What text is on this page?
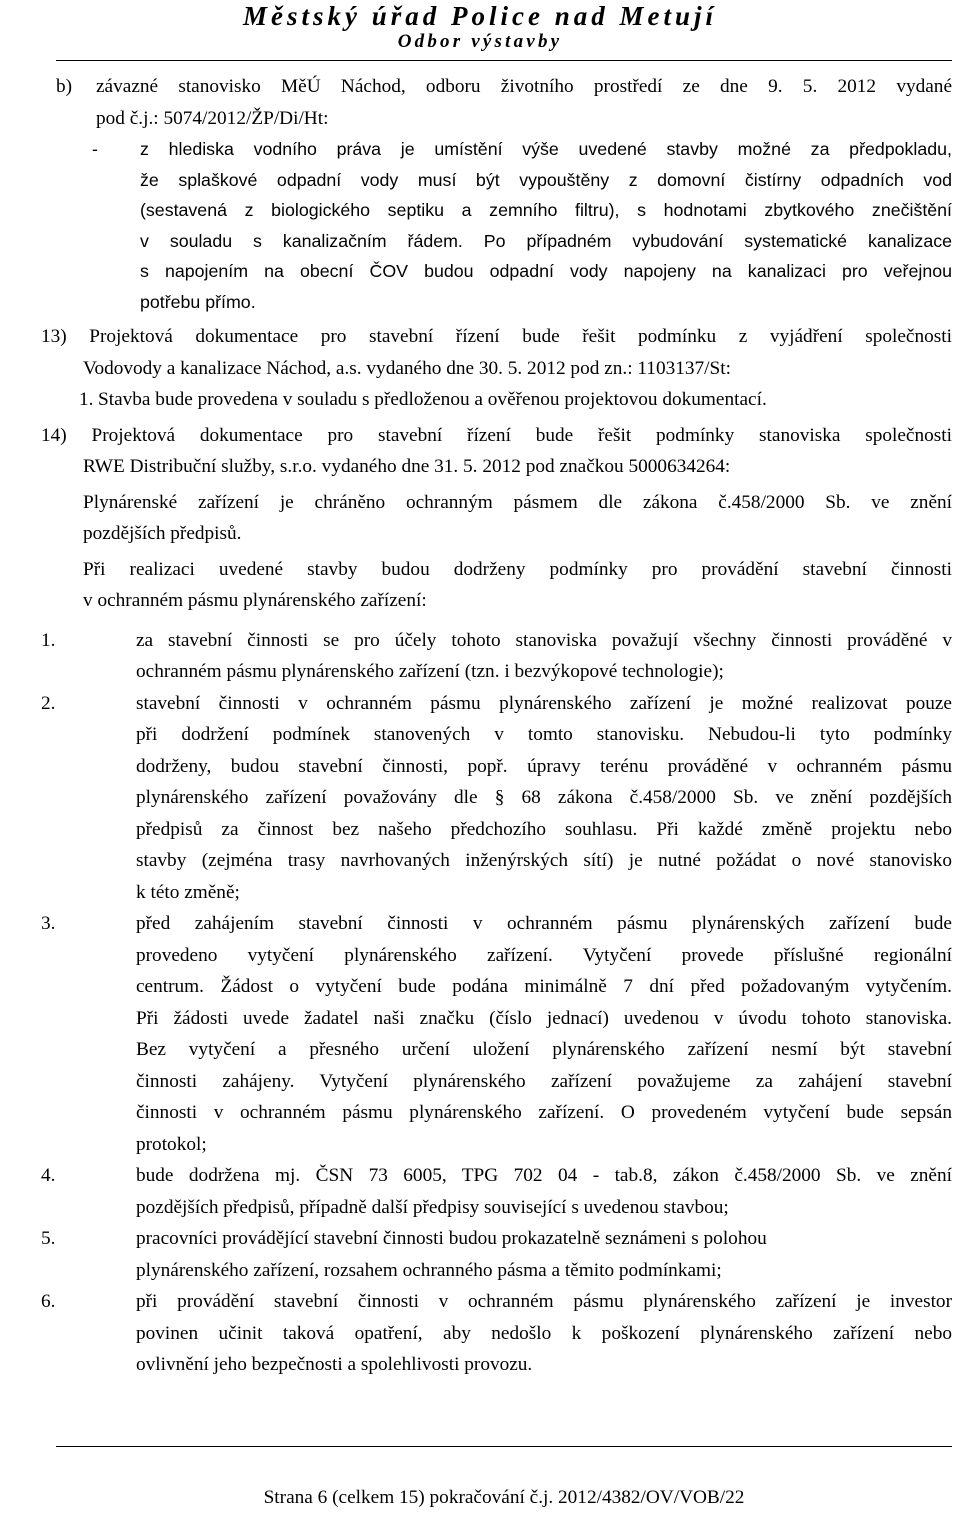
Městský úřad Police nad Metují
Odbor výstavby
b) závazné stanovisko MěÚ Náchod, odboru životního prostředí ze dne 9. 5. 2012 vydané
pod č.j.: 5074/2012/ŽP/Di/Ht:
- z hlediska vodního práva je umístění výše uvedené stavby možné za předpokladu,
že splaškové odpadní vody musí být vypouštěny z domovní čistírny odpadních vod
(sestavená z biologického septiku a zemního filtru), s hodnotami zbytkového znečištění
v souladu s kanalizačním řádem. Po případném vybudování systematické kanalizace
s napojením na obecní ČOV budou odpadní vody napojeny na kanalizaci pro veřejnou
potřebu přímo.
13) Projektová dokumentace pro stavební řízení bude řešit podmínku z vyjádření společnosti
Vodovody a kanalizace Náchod, a.s. vydaného dne 30. 5. 2012 pod zn.: 1103137/St:
1. Stavba bude provedena v souladu s předloženou a ověřenou projektovou dokumentací.
14) Projektová dokumentace pro stavební řízení bude řešit podmínky stanoviska společnosti
RWE Distribuční služby, s.r.o. vydaného dne 31. 5. 2012 pod značkou 5000634264:
Plynárenské zařízení je chráněno ochranným pásmem dle zákona č.458/2000 Sb. ve znění
pozdějších předpisů.
Při realizaci uvedené stavby budou dodrženy podmínky pro provádění stavební činnosti
v ochranném pásmu plynárenského zařízení:
1.	za stavební činnosti se pro účely tohoto stanoviska považují všechny činnosti prováděné v
ochranném pásmu plynárenského zařízení (tzn. i bezvýkopové technologie);
2.	stavební činnosti v ochranném pásmu plynárenského zařízení je možné realizovat pouze
při dodržení podmínek stanovených v tomto stanovisku. Nebudou-li tyto podmínky
dodrženy, budou stavební činnosti, popř. úpravy terénu prováděné v ochranném pásmu
plynárenského zařízení považovány dle § 68 zákona č.458/2000 Sb. ve znění pozdějších
předpisů za činnost bez našeho předchozího souhlasu. Při každé změně projektu nebo
stavby (zejména trasy navrhovaných inženýrských sítí) je nutné požádat o nové stanovisko
k této změně;
3.	před zahájením stavební činnosti v ochranném pásmu plynárenských zařízení bude
provedeno vytyčení plynárenského zařízení. Vytyčení provede příslušné regionální
centrum. Žádost o vytyčení bude podána minimálně 7 dní před požadovaným vytyčením.
Při žádosti uvede žadatel naši značku (číslo jednací) uvedenou v úvodu tohoto stanoviska.
Bez vytyčení a přesného určení uložení plynárenského zařízení nesmí být stavební
činnosti zahájeny. Vytyčení plynárenského zařízení považujeme za zahájení stavební
činnosti v ochranném pásmu plynárenského zařízení. O provedeném vytyčení bude sepsán
protokol;
4.	bude dodržena mj. ČSN 73 6005, TPG 702 04 - tab.8, zákon č.458/2000 Sb. ve znění
pozdějších předpisů, případně další předpisy související s uvedenou stavbou;
5.	pracovníci provádějící stavební činnosti budou prokazatelně seznámeni s polohou
plynárenského zařízení, rozsahem ochranného pásma a těmito podmínkami;
6.	při provádění stavební činnosti v ochranném pásmu plynárenského zařízení je investor
povinen učinit taková opatření, aby nedošlo k poškození plynárenského zařízení nebo
ovlivnění jeho bezpečnosti a spolehlivosti provozu.
Strana 6 (celkem 15) pokračování č.j. 2012/4382/OV/VOB/22
